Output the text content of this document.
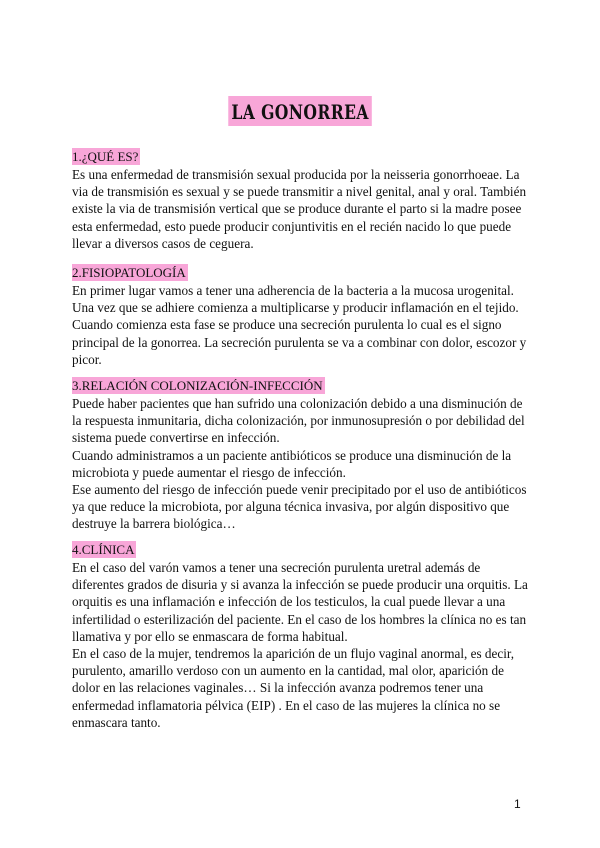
LA GONORREA
1.¿QUÉ ES?

Es una enfermedad de transmisión sexual producida por la neisseria gonorrhoeae. La via de transmisión es sexual y se puede transmitir a nivel genital, anal y oral. También existe la via de transmisión vertical que se produce durante el parto si la madre posee esta enfermedad, esto puede producir conjuntivitis en el recién nacido lo que puede llevar a diversos casos de ceguera.

2.FISIOPATOLOGÍA

En primer lugar vamos a tener una adherencia de la bacteria a la mucosa urogenital. Una vez que se adhiere comienza a multiplicarse y producir inflamación en el tejido. Cuando comienza esta fase se produce una secreción purulenta lo cual es el signo principal de la gonorrea. La secreción purulenta se va a combinar con dolor, escozor y picor.

3.RELACIÓN COLONIZACIÓN-INFECCIÓN

Puede haber pacientes que han sufrido una colonización debido a una disminución de la respuesta inmunitaria, dicha colonización, por inmunosupresión o por debilidad del sistema puede convertirse en infección.

Cuando administramos a un paciente antibióticos se produce una disminución de la microbiota y puede aumentar el riesgo de infección.

Ese aumento del riesgo de infección puede venir precipitado por el uso de antibióticos ya que reduce la microbiota, por alguna técnica invasiva, por algún dispositivo que destruye la barrera biológica…

4.CLÍNICA

En el caso del varón vamos a tener una secreción purulenta uretral además de diferentes grados de disuria y si avanza la infección se puede producir una orquitis. La orquitis es una inflamación e infección de los testiculos, la cual puede llevar a una infertilidad o esterilización del paciente. En el caso de los hombres la clínica no es tan llamativa y por ello se enmascara de forma habitual.

En el caso de la mujer, tendremos la aparición de un flujo vaginal anormal, es decir, purulento, amarillo verdoso con un aumento en la cantidad, mal olor, aparición de dolor en las relaciones vaginales… Si la infección avanza podremos tener una enfermedad inflamatoria pélvica (EIP) . En el caso de las mujeres la clínica no se enmascara tanto.

1
